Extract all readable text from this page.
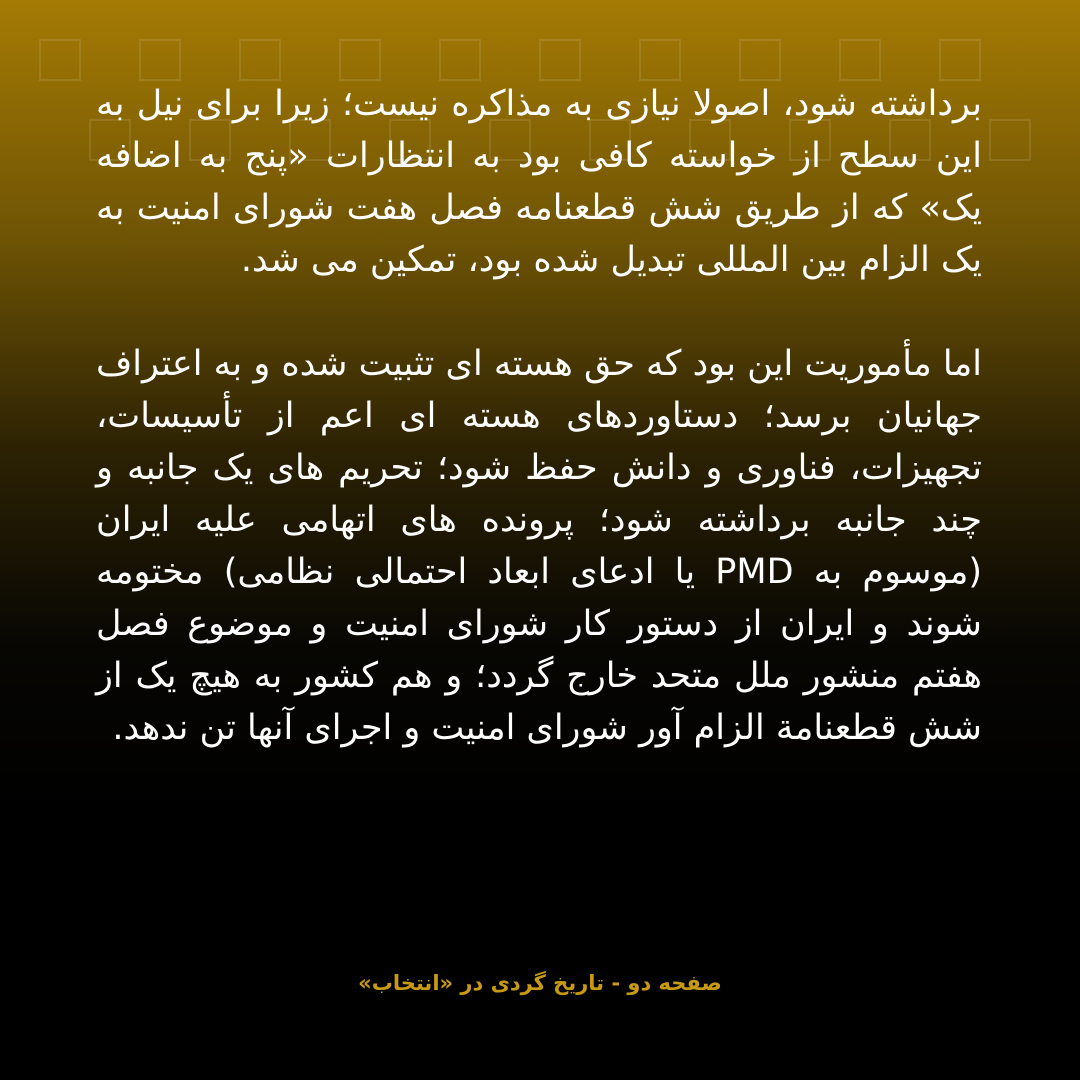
برداشته شود، اصولا نیازی به مذاکره نیست؛ زیرا برای نیل به این سطح از خواسته کافی بود به انتظارات «پنج به اضافه یک» که از طریق شش قطعنامه فصل هفت شورای امنیت به یک الزام بین المللی تبدیل شده بود، تمکین می شد.

اما مأموریت این بود که حق هسته ای تثبیت شده و به اعتراف جهانیان برسد؛ دستاوردهای هسته ای اعم از تأسیسات، تجهیزات، فناوری و دانش حفظ شود؛ تحریم های یک جانبه و چند جانبه برداشته شود؛ پرونده های اتهامی علیه ایران (موسوم به PMD یا ادعای ابعاد احتمالی نظامی) مختومه شوند و ایران از دستور کار شورای امنیت و موضوع فصل هفتم منشور ملل متحد خارج گردد؛ و هم کشور به هیچ یک از شش قطعنامة الزام آور شورای امنیت و اجرای آنها تن ندهد.

صفحه دو - تاریخ گردی در «انتخاب»
